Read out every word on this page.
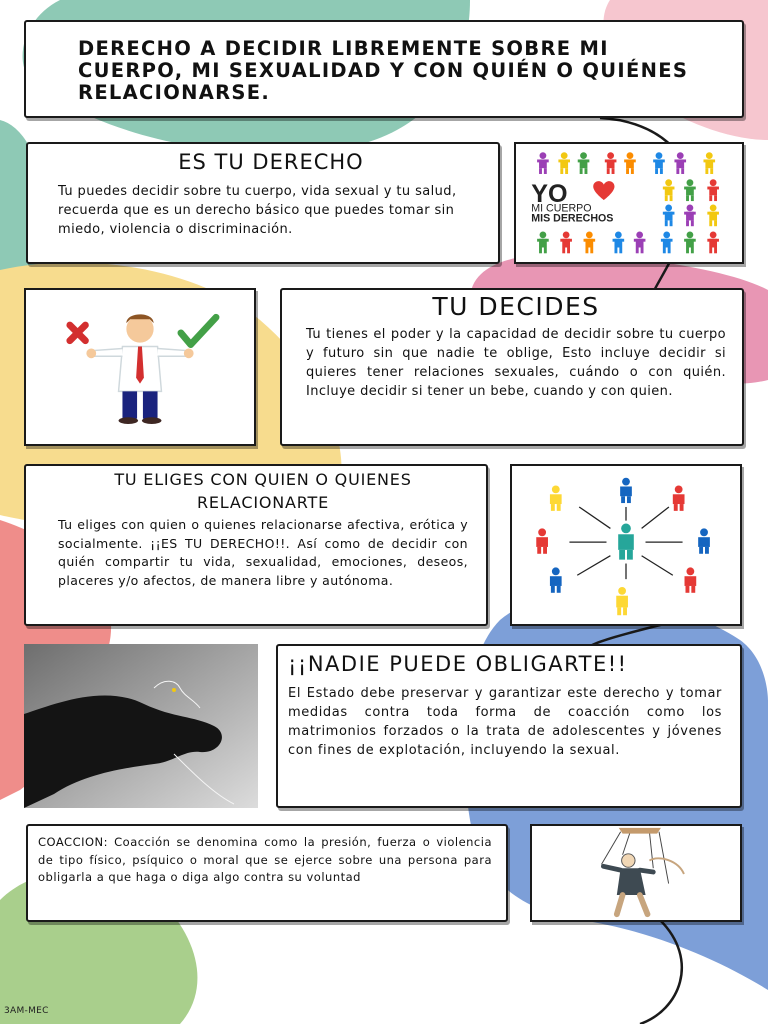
DERECHO A DECIDIR LIBREMENTE SOBRE MI CUERPO, MI SEXUALIDAD Y CON QUIÉN O QUIÉNES RELACIONARSE.
ES TU DERECHO

Tu puedes decidir sobre tu cuerpo, vida sexual y tu salud, recuerda que es un derecho básico que puedes tomar sin miedo, violencia o discriminación.

YO
MI CUERPO
MIS DERECHOS
TU DECIDES

Tu tienes el poder y la capacidad de decidir sobre tu cuerpo y futuro sin que nadie te oblige, Esto incluye decidir si quieres tener relaciones sexuales, cuándo o con quién. Incluye decidir si tener un bebe, cuando y con quien.

TU ELIGES CON QUIEN O QUIENES RELACIONARTE

Tu eliges con quien o quienes relacionarse afectiva, erótica y socialmente. ¡¡ES TU DERECHO!!. Así como de decidir con quién compartir tu vida, sexualidad, emociones, deseos, placeres y/o afectos, de manera libre y autónoma.

¡¡NADIE PUEDE OBLIGARTE!!

El Estado debe preservar y garantizar este derecho y tomar medidas contra toda forma de coacción como los matrimonios forzados o la trata de adolescentes y jóvenes con fines de explotación, incluyendo la sexual.

COACCION: Coacción se denomina como la presión, fuerza o violencia de tipo físico, psíquico o moral que se ejerce sobre una persona para obligarla a que haga o diga algo contra su voluntad

3AM-MEC
